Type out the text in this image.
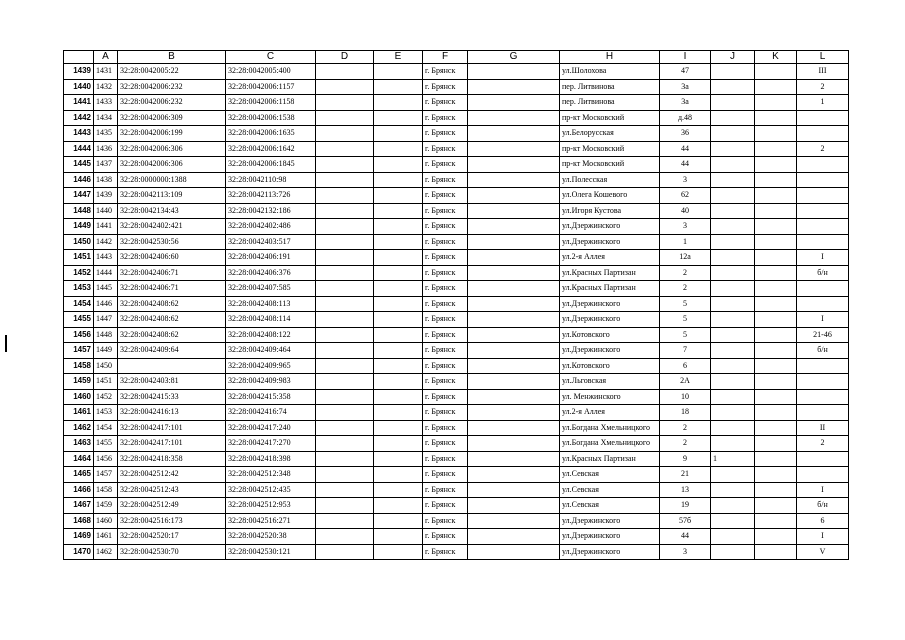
	A	B	C	D	E	F	G	H	I	J	K	L
1439	1431	32:28:0042005:22	32:28:0042005:400			г. Брянск		ул.Шолохова	47			III
1440	1432	32:28:0042006:232	32:28:0042006:1157			г. Брянск		пер. Литвинова	3а			2
1441	1433	32:28:0042006:232	32:28:0042006:1158			г. Брянск		пер. Литвинова	3а			1
1442	1434	32:28:0042006:309	32:28:0042006:1538			г. Брянск		пр-кт Московский	д.48			
1443	1435	32:28:0042006:199	32:28:0042006:1635			г. Брянск		ул.Белорусская	36			
1444	1436	32:28:0042006:306	32:28:0042006:1642			г. Брянск		пр-кт Московский	44			2
1445	1437	32:28:0042006:306	32:28:0042006:1845			г. Брянск		пр-кт Московский	44			
1446	1438	32:28:0000000:1388	32:28:0042110:98			г. Брянск		ул.Полесская	3			
1447	1439	32:28:0042113:109	32:28:0042113:726			г. Брянск		ул.Олега Кошевого	62			
1448	1440	32:28:0042134:43	32:28:0042132:186			г. Брянск		ул.Игоря Кустова	40			
1449	1441	32:28:0042402:421	32:28:0042402:486			г. Брянск		ул.Дзержинского	3			
1450	1442	32:28:0042530:56	32:28:0042403:517			г. Брянск		ул.Дзержинского	1			
1451	1443	32:28:0042406:60	32:28:0042406:191			г. Брянск		ул.2-я Аллея	12а			I
1452	1444	32:28:0042406:71	32:28:0042406:376			г. Брянск		ул.Красных Партизан	2			б/н
1453	1445	32:28:0042406:71	32:28:0042407:585			г. Брянск		ул.Красных Партизан	2			
1454	1446	32:28:0042408:62	32:28:0042408:113			г. Брянск		ул.Дзержинского	5			
1455	1447	32:28:0042408:62	32:28:0042408:114			г. Брянск		ул.Дзержинского	5			I
1456	1448	32:28:0042408:62	32:28:0042408:122			г. Брянск		ул.Котовского	5			21-46
1457	1449	32:28:0042409:64	32:28:0042409:464			г. Брянск		ул.Дзержинского	7			б/н
1458	1450		32:28:0042409:965			г. Брянск		ул.Котовского	6			
1459	1451	32:28:0042403:81	32:28:0042409:983			г. Брянск		ул.Льговская	2А			
1460	1452	32:28:0042415:33	32:28:0042415:358			г. Брянск		ул. Менжинского	10			
1461	1453	32:28:0042416:13	32:28:0042416:74			г. Брянск		ул.2-я Аллея	18			
1462	1454	32:28:0042417:101	32:28:0042417:240			г. Брянск		ул.Богдана Хмельницкого	2			II
1463	1455	32:28:0042417:101	32:28:0042417:270			г. Брянск		ул.Богдана Хмельницкого	2			2
1464	1456	32:28:0042418:358	32:28:0042418:398			г. Брянск		ул.Красных Партизан	9	1		
1465	1457	32:28:0042512:42	32:28:0042512:348			г. Брянск		ул.Севская	21			
1466	1458	32:28:0042512:43	32:28:0042512:435			г. Брянск		ул.Севская	13			I
1467	1459	32:28:0042512:49	32:28:0042512:953			г. Брянск		ул.Севская	19			б/н
1468	1460	32:28:0042516:173	32:28:0042516:271			г. Брянск		ул.Дзержинского	57б			6
1469	1461	32:28:0042520:17	32:28:0042520:38			г. Брянск		ул.Дзержинского	44			I
1470	1462	32:28:0042530:70	32:28:0042530:121			г. Брянск		ул.Дзержинского	3			V
